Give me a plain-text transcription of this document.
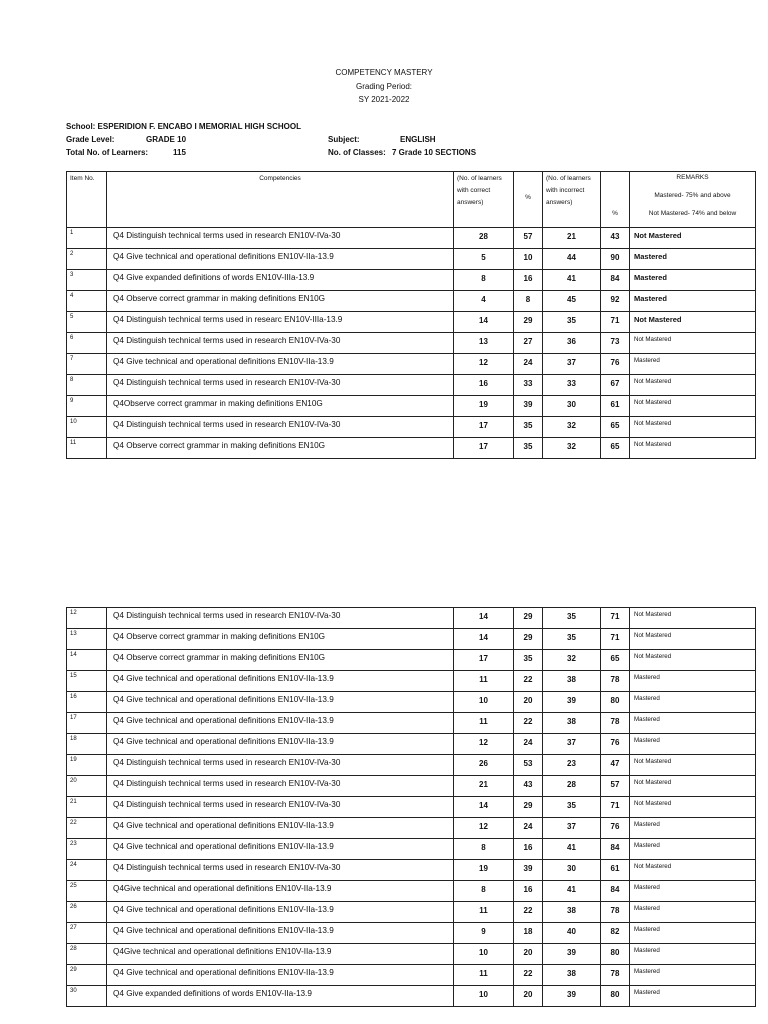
COMPETENCY MASTERY
Grading Period:
SY 2021-2022
School: ESPERIDION F. ENCABO I MEMORIAL HIGH SCHOOL
Grade Level:	GRADE 10	Subject:	ENGLISH
Total No. of Learners:	115	No. of Classes: 7 Grade 10 SECTIONS
Item No.	Competencies	(No. of learners with correct answers)	%	(No. of learners with incorrect answers)	%	REMARKS
Mastered- 75% and above
Not Mastered- 74% and below

1	Q4 Distinguish technical terms used in research EN10V-IVa-30	28	57	21	43	Not Mastered
2	Q4 Give technical and operational definitions EN10V-IIa-13.9	5	10	44	90	Mastered
3	Q4 Give expanded definitions of words EN10V-IIIa-13.9	8	16	41	84	Mastered
4	Q4 Observe correct grammar in making definitions EN10G	4	8	45	92	Mastered
5	Q4 Distinguish technical terms used in researc EN10V-IIIa-13.9	14	29	35	71	Not Mastered
6	Q4 Distinguish technical terms used in research EN10V-IVa-30	13	27	36	73	Not Mastered
7	Q4 Give technical and operational definitions EN10V-IIa-13.9	12	24	37	76	Mastered
8	Q4 Distinguish technical terms used in research EN10V-IVa-30	16	33	33	67	Not Mastered
9	Q4Observe correct grammar in making definitions EN10G	19	39	30	61	Not Mastered
10	Q4 Distinguish technical terms used in research EN10V-IVa-30	17	35	32	65	Not Mastered
11	Q4 Observe correct grammar in making definitions EN10G	17	35	32	65	Not Mastered
12	Q4 Distinguish technical terms used in research EN10V-IVa-30	14	29	35	71	Not Mastered
13	Q4 Observe correct grammar in making definitions EN10G	14	29	35	71	Not Mastered
14	Q4 Observe correct grammar in making definitions EN10G	17	35	32	65	Not Mastered
15	Q4 Give technical and operational definitions EN10V-IIa-13.9	11	22	38	78	Mastered
16	Q4 Give technical and operational definitions EN10V-IIa-13.9	10	20	39	80	Mastered
17	Q4 Give technical and operational definitions EN10V-IIa-13.9	11	22	38	78	Mastered
18	Q4 Give technical and operational definitions EN10V-IIa-13.9	12	24	37	76	Mastered
19	Q4 Distinguish technical terms used in research EN10V-IVa-30	26	53	23	47	Not Mastered
20	Q4 Distinguish technical terms used in research EN10V-IVa-30	21	43	28	57	Not Mastered
21	Q4 Distinguish technical terms used in research EN10V-IVa-30	14	29	35	71	Not Mastered
22	Q4 Give technical and operational definitions EN10V-IIa-13.9	12	24	37	76	Mastered
23	Q4 Give technical and operational definitions EN10V-IIa-13.9	8	16	41	84	Mastered
24	Q4 Distinguish technical terms used in research EN10V-IVa-30	19	39	30	61	Not Mastered
25	Q4Give technical and operational definitions EN10V-IIa-13.9	8	16	41	84	Mastered
26	Q4 Give technical and operational definitions EN10V-IIa-13.9	11	22	38	78	Mastered
27	Q4 Give technical and operational definitions EN10V-IIa-13.9	9	18	40	82	Mastered
28	Q4Give technical and operational definitions EN10V-IIa-13.9	10	20	39	80	Mastered
29	Q4 Give technical and operational definitions EN10V-IIa-13.9	11	22	38	78	Mastered
30	Q4 Give expanded definitions of words EN10V-IIa-13.9	10	20	39	80	Mastered
